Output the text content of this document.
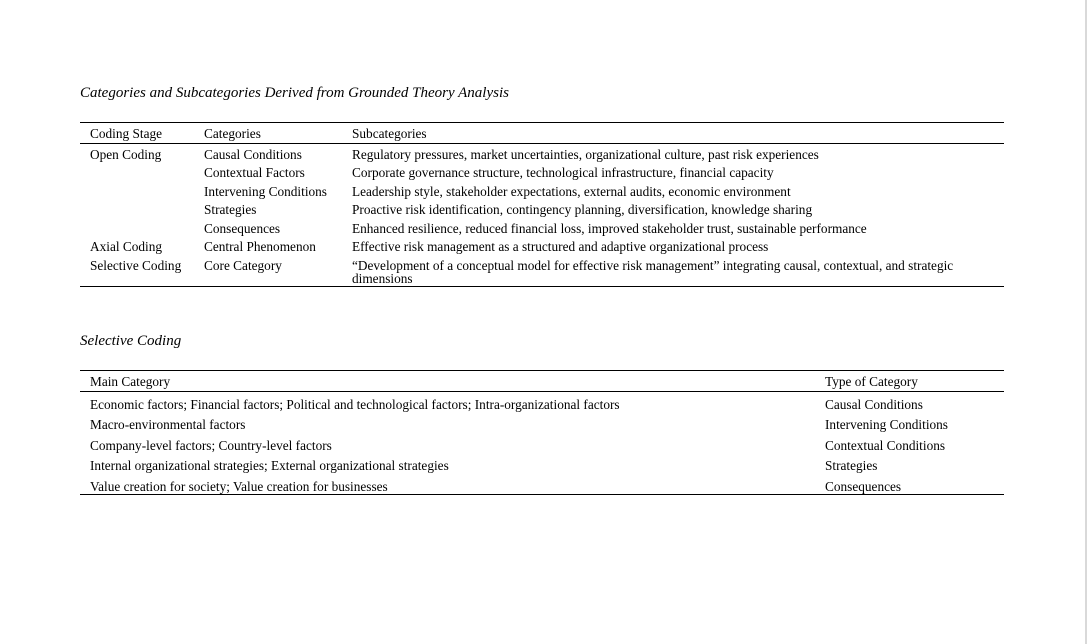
Categories and Subcategories Derived from Grounded Theory Analysis
Coding Stage	Categories	Subcategories
Open Coding	Causal Conditions	Regulatory pressures, market uncertainties, organizational culture, past risk experiences
	Contextual Factors	Corporate governance structure, technological infrastructure, financial capacity
	Intervening Conditions	Leadership style, stakeholder expectations, external audits, economic environment
	Strategies	Proactive risk identification, contingency planning, diversification, knowledge sharing
	Consequences	Enhanced resilience, reduced financial loss, improved stakeholder trust, sustainable performance
Axial Coding	Central Phenomenon	Effective risk management as a structured and adaptive organizational process
Selective Coding	Core Category	“Development of a conceptual model for effective risk management” integrating causal, contextual, and strategic dimensions
Selective Coding
Main Category	Type of Category
Economic factors; Financial factors; Political and technological factors; Intra-organizational factors	Causal Conditions
Macro-environmental factors	Intervening Conditions
Company-level factors; Country-level factors	Contextual Conditions
Internal organizational strategies; External organizational strategies	Strategies
Value creation for society; Value creation for businesses	Consequences
